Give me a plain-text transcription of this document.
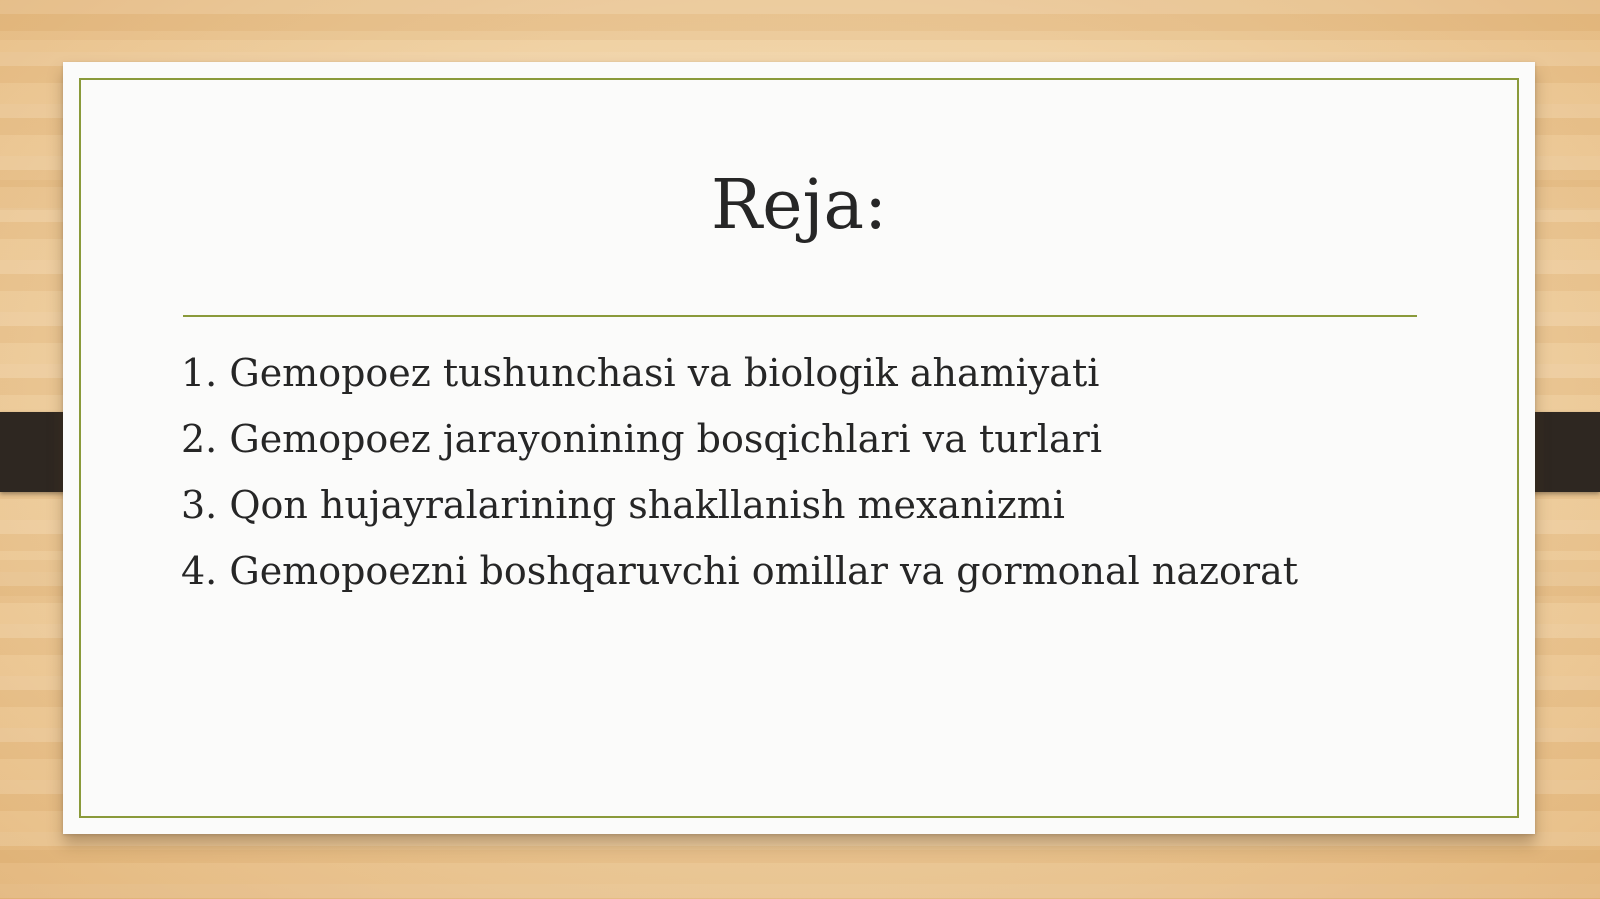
Reja:
1. Gemopoez tushunchasi va biologik ahamiyati
2. Gemopoez jarayonining bosqichlari va turlari
3. Qon hujayralarining shakllanish mexanizmi
4. Gemopoezni boshqaruvchi omillar va gormonal nazorat
